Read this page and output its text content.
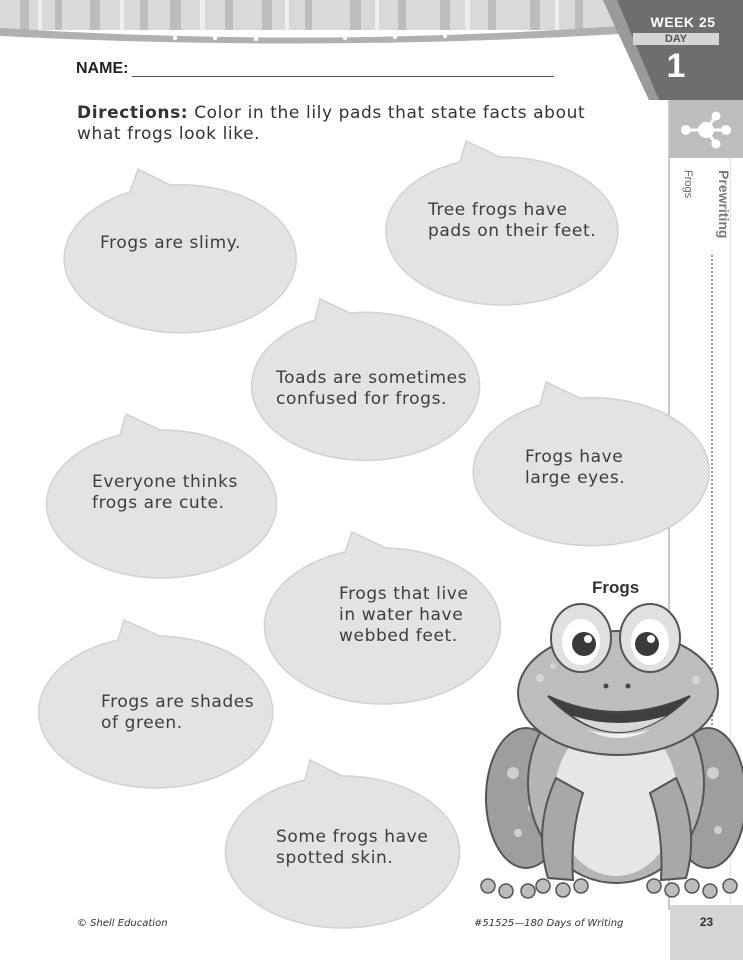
WEEK 25
DAY
1
Prewriting
Frogs
NAME:
Directions: Color in the lily pads that state facts about
what frogs look like.
Frogs are slimy.
Tree frogs have
pads on their feet.
Toads are sometimes
confused for frogs.
Everyone thinks
frogs are cute.
Frogs have
large eyes.
Frogs that live
in water have
webbed feet.
Frogs are shades
of green.
Some frogs have
spotted skin.
Frogs
© Shell Education	#51525—180 Days of Writing	23
